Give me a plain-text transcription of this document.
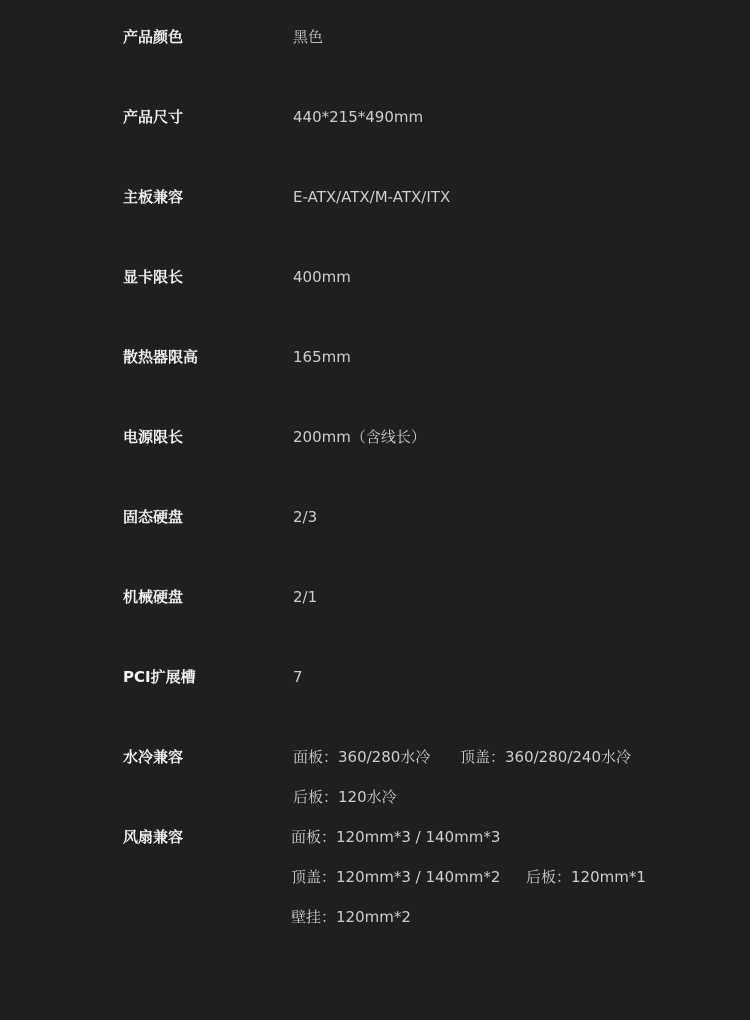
产品颜色	黑色
产品尺寸	440*215*490mm
主板兼容	E-ATX/ATX/M-ATX/ITX
显卡限长	400mm
散热器限高	165mm
电源限长	200mm（含线长）
固态硬盘	2/3
机械硬盘	2/1
PCI扩展槽	7
水冷兼容	面板：360/280水冷 顶盖：360/280/240水冷
后板：120水冷
风扇兼容	面板：120mm*3 / 140mm*3
顶盖：120mm*3 / 140mm*2 后板：120mm*1
壁挂：120mm*2
